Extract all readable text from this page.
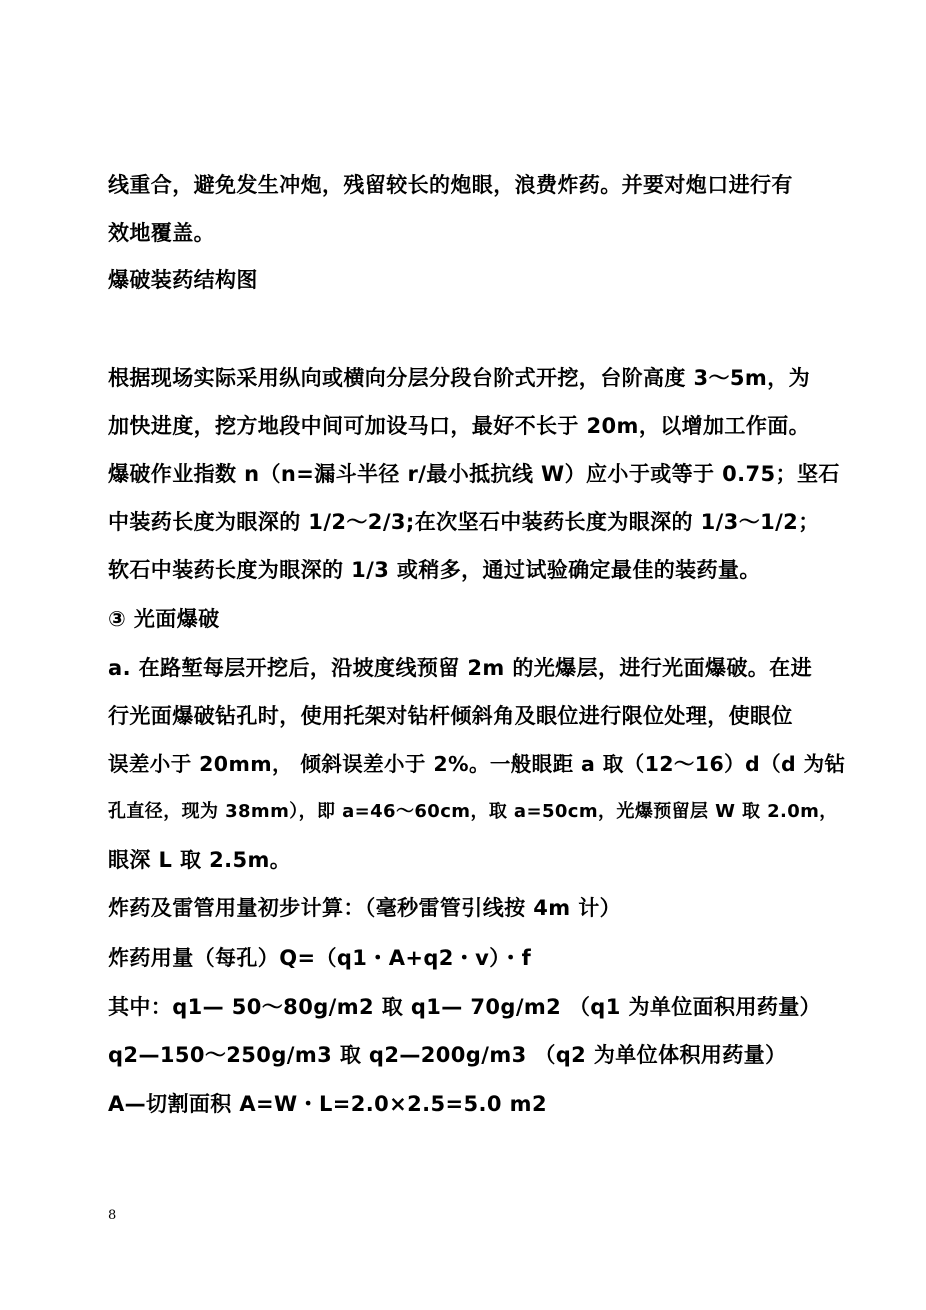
线重合，避免发生冲炮，残留较长的炮眼，浪费炸药。并要对炮口进行有
效地覆盖。
爆破装药结构图
根据现场实际采用纵向或横向分层分段台阶式开挖，台阶高度 3～5m，为
加快进度，挖方地段中间可加设马口，最好不长于 20m，以增加工作面。
爆破作业指数 n（n=漏斗半径 r/最小抵抗线 W）应小于或等于 0.75；坚石
中装药长度为眼深的 1/2～2/3;在次坚石中装药长度为眼深的 1/3～1/2；
软石中装药长度为眼深的 1/3 或稍多，通过试验确定最佳的装药量。
③ 光面爆破
a. 在路堑每层开挖后，沿坡度线预留 2m 的光爆层，进行光面爆破。在进
行光面爆破钻孔时，使用托架对钻杆倾斜角及眼位进行限位处理，使眼位
误差小于 20mm， 倾斜误差小于 2%。一般眼距 a 取（12～16）d（d 为钻
孔直径，现为 38mm），即 a=46～60cm，取 a=50cm，光爆预留层 W 取 2.0m，
眼深 L 取 2.5m。
炸药及雷管用量初步计算：（毫秒雷管引线按 4m 计）
炸药用量（每孔）Q=（q1・A+q2・v）・f
其中：q1— 50～80g/m2 取 q1— 70g/m2 （q1 为单位面积用药量）
q2—150～250g/m3 取 q2—200g/m3 （q2 为单位体积用药量）
A—切割面积 A=W・L=2.0×2.5=5.0 m2
8
